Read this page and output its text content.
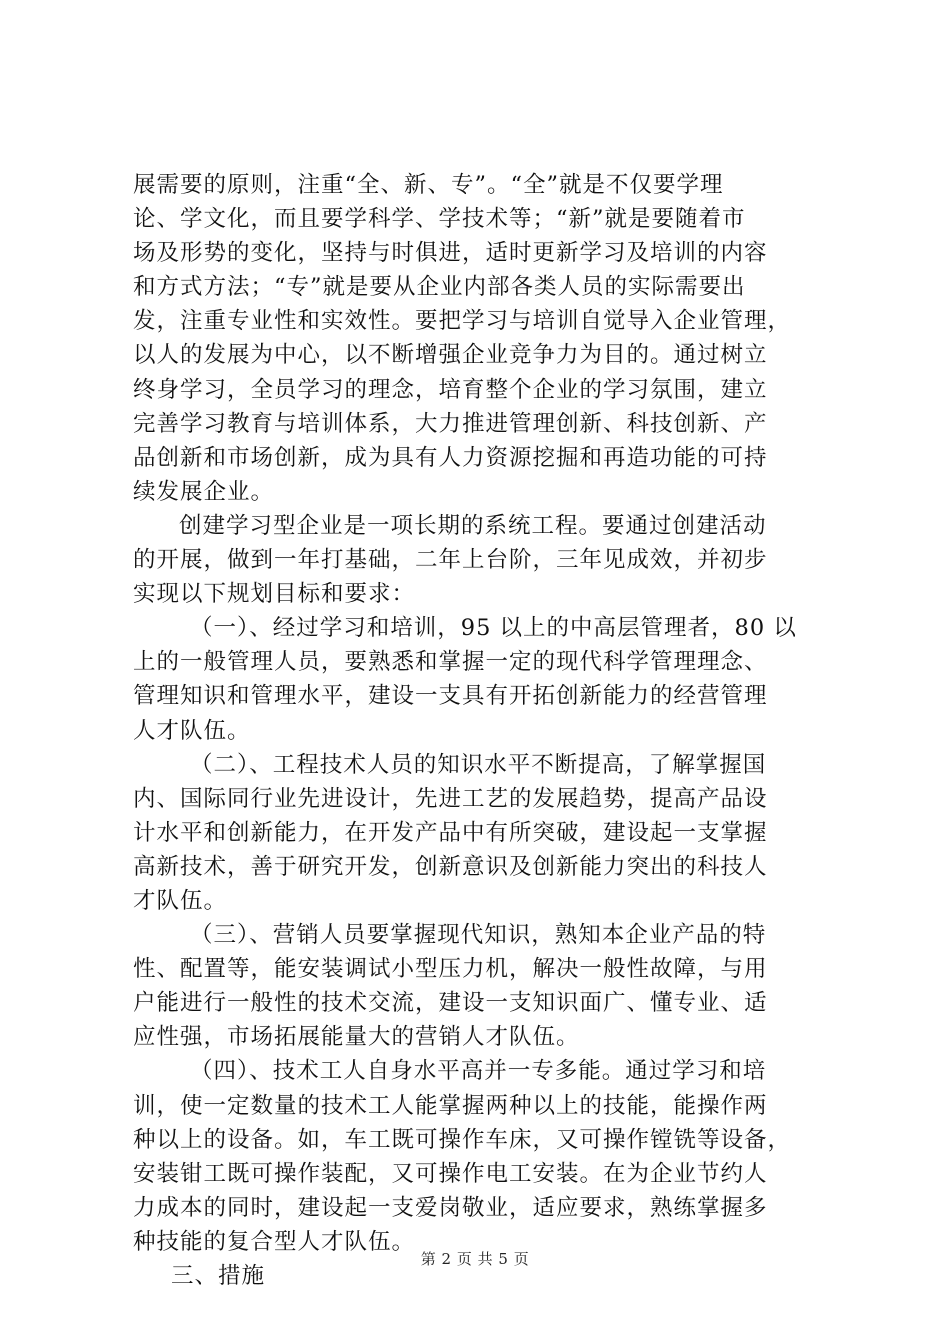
展需要的原则，注重“全、新、专”。“全”就是不仅要学理
论、学文化，而且要学科学、学技术等；“新”就是要随着市
场及形势的变化，坚持与时俱进，适时更新学习及培训的内容
和方式方法；“专”就是要从企业内部各类人员的实际需要出
发，注重专业性和实效性。要把学习与培训自觉导入企业管理，
以人的发展为中心，以不断增强企业竞争力为目的。通过树立
终身学习，全员学习的理念，培育整个企业的学习氛围，建立
完善学习教育与培训体系，大力推进管理创新、科技创新、产
品创新和市场创新，成为具有人力资源挖掘和再造功能的可持
续发展企业。
创建学习型企业是一项长期的系统工程。要通过创建活动
的开展，做到一年打基础，二年上台阶，三年见成效，并初步
实现以下规划目标和要求：
（一）、经过学习和培训，95 以上的中高层管理者，80 以
上的一般管理人员，要熟悉和掌握一定的现代科学管理理念、
管理知识和管理水平，建设一支具有开拓创新能力的经营管理
人才队伍。
（二）、工程技术人员的知识水平不断提高，了解掌握国
内、国际同行业先进设计，先进工艺的发展趋势，提高产品设
计水平和创新能力，在开发产品中有所突破，建设起一支掌握
高新技术，善于研究开发，创新意识及创新能力突出的科技人
才队伍。
（三）、营销人员要掌握现代知识，熟知本企业产品的特
性、配置等，能安装调试小型压力机，解决一般性故障，与用
户能进行一般性的技术交流，建设一支知识面广、懂专业、适
应性强，市场拓展能量大的营销人才队伍。
（四）、技术工人自身水平高并一专多能。通过学习和培
训，使一定数量的技术工人能掌握两种以上的技能，能操作两
种以上的设备。如，车工既可操作车床，又可操作镗铣等设备，
安装钳工既可操作装配，又可操作电工安装。在为企业节约人
力成本的同时，建设起一支爱岗敬业，适应要求，熟练掌握多
种技能的复合型人才队伍。
三、措施
第 2 页 共 5 页
